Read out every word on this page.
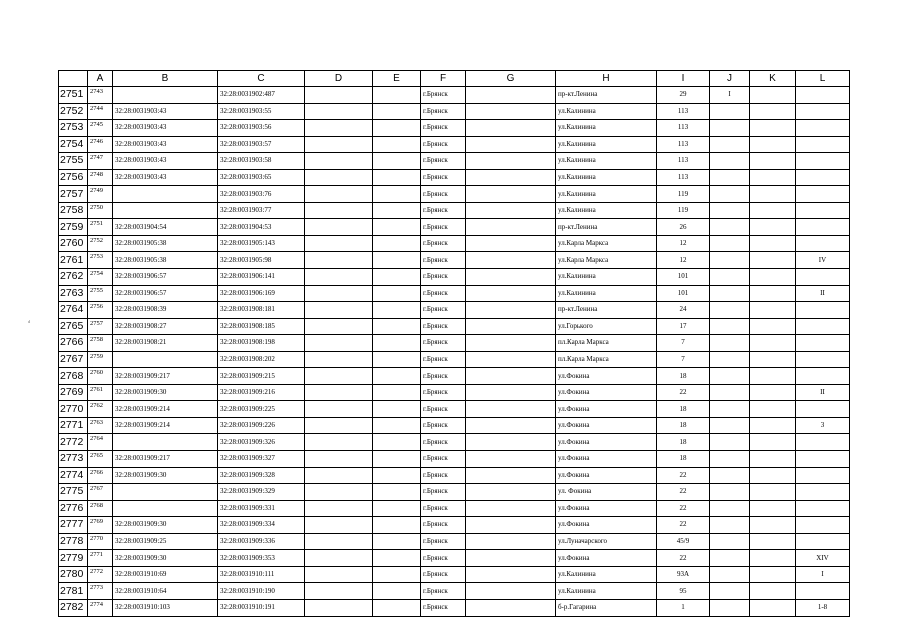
	A	B	C	D	E	F	G	H	I	J	K	L
2751	2743		32:28:0031902:487			г.Брянск		пр-кт.Ленина	29	I		
2752	2744	32:28:0031903:43	32:28:0031903:55			г.Брянск		ул.Калинина	113			
2753	2745	32:28:0031903:43	32:28:0031903:56			г.Брянск		ул.Калинина	113			
2754	2746	32:28:0031903:43	32:28:0031903:57			г.Брянск		ул.Калинина	113			
2755	2747	32:28:0031903:43	32:28:0031903:58			г.Брянск		ул.Калинина	113			
2756	2748	32:28:0031903:43	32:28:0031903:65			г.Брянск		ул.Калинина	113			
2757	2749		32:28:0031903:76			г.Брянск		ул.Калинина	119			
2758	2750		32:28:0031903:77			г.Брянск		ул.Калинина	119			
2759	2751	32:28:0031904:54	32:28:0031904:53			г.Брянск		пр-кт.Ленина	26			
2760	2752	32:28:0031905:38	32:28:0031905:143			г.Брянск		ул.Карла Маркса	12			
2761	2753	32:28:0031905:38	32:28:0031905:98			г.Брянск		ул.Карла Маркса	12			IV
2762	2754	32:28:0031906:57	32:28:0031906:141			г.Брянск		ул.Калинина	101			
2763	2755	32:28:0031906:57	32:28:0031906:169			г.Брянск		ул.Калинина	101			II
2764	2756	32:28:0031908:39	32:28:0031908:181			г.Брянск		пр-кт.Ленина	24			
2765	2757	32:28:0031908:27	32:28:0031908:185			г.Брянск		ул.Горького	17			
2766	2758	32:28:0031908:21	32:28:0031908:198			г.Брянск		пл.Карла Маркса	7			
2767	2759		32:28:0031908:202			г.Брянск		пл.Карла Маркса	7			
2768	2760	32:28:0031909:217	32:28:0031909:215			г.Брянск		ул.Фокина	18			
2769	2761	32:28:0031909:30	32:28:0031909:216			г.Брянск		ул.Фокина	22			II
2770	2762	32:28:0031909:214	32:28:0031909:225			г.Брянск		ул.Фокина	18			
2771	2763	32:28:0031909:214	32:28:0031909:226			г.Брянск		ул.Фокина	18			3
2772	2764		32:28:0031909:326			г.Брянск		ул.Фокина	18			
2773	2765	32:28:0031909:217	32:28:0031909:327			г.Брянск		ул.Фокина	18			
2774	2766	32:28:0031909:30	32:28:0031909:328			г.Брянск		ул.Фокина	22			
2775	2767		32:28:0031909:329			г.Брянск		ул. Фокина	22			
2776	2768		32:28:0031909:331			г.Брянск		ул.Фокина	22			
2777	2769	32:28:0031909:30	32:28:0031909:334			г.Брянск		ул.Фокина	22			
2778	2770	32:28:0031909:25	32:28:0031909:336			г.Брянск		ул.Луначарского	45/9			
2779	2771	32:28:0031909:30	32:28:0031909:353			г.Брянск		ул.Фокина	22			XIV
2780	2772	32:28:0031910:69	32:28:0031910:111			г.Брянск		ул.Калинина	93А			I
2781	2773	32:28:0031910:64	32:28:0031910:190			г.Брянск		ул.Калинина	95			
2782	2774	32:28:0031910:103	32:28:0031910:191			г.Брянск		б-р.Гагарина	1			1-8
ᵈ
